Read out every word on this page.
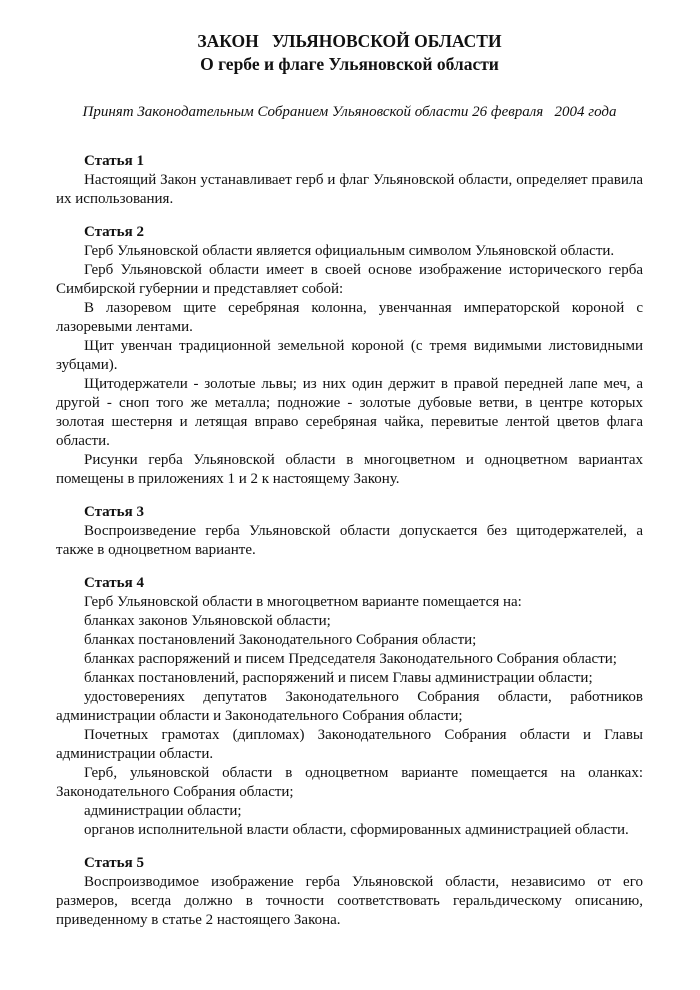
ЗАКОН   УЛЬЯНОВСКОЙ ОБЛАСТИ
О гербе и флаге Ульяновской области

Принят Законодательным Собранием Ульяновской области 26 февраля   2004 года

Статья 1

Настоящий Закон устанавливает герб и флаг Ульяновской области, определяет правила их использования.

Статья 2

Герб Ульяновской области является официальным символом Ульяновской области.

Герб Ульяновской области имеет в своей основе изображение исторического герба Симбирской губернии и представляет собой:

В лазоревом щите серебряная колонна, увенчанная императорской короной с лазоревыми лентами.

Щит увенчан традиционной земельной короной (с тремя видимыми листовидными зубцами).

Щитодержатели - золотые львы; из них один держит в правой передней лапе меч, а другой - сноп того же металла; подножие - золотые дубовые ветви, в центре которых золотая шестерня и летящая вправо серебряная чайка, перевитые лентой цветов флага области.

Рисунки герба Ульяновской области в многоцветном и одноцветном вариантах помещены в приложениях 1 и 2 к настоящему Закону.

Статья 3

Воспроизведение герба Ульяновской области допускается без щитодержателей, а также в одноцветном варианте.

Статья 4

Герб Ульяновской области в многоцветном варианте помещается на:

бланках законов Ульяновской области;

бланках постановлений Законодательного Собрания области;

бланках распоряжений и писем Председателя Законодательного Собрания области;

бланках постановлений, распоряжений и писем Главы администрации области;

удостоверениях депутатов Законодательного Собрания области, работников администрации области и Законодательного Собрания области;

Почетных грамотах (дипломах) Законодательного Собрания области и Главы администрации области.

Герб, ульяновской области в одноцветном варианте помещается на оланках: Законодательного Собрания области;

администрации области;

органов исполнительной власти области, сформированных администрацией области.

Статья 5

Воспроизводимое изображение герба Ульяновской области, независимо от его размеров, всегда должно в точности соответствовать геральдическому описанию, приведенному в статье 2 настоящего Закона.
